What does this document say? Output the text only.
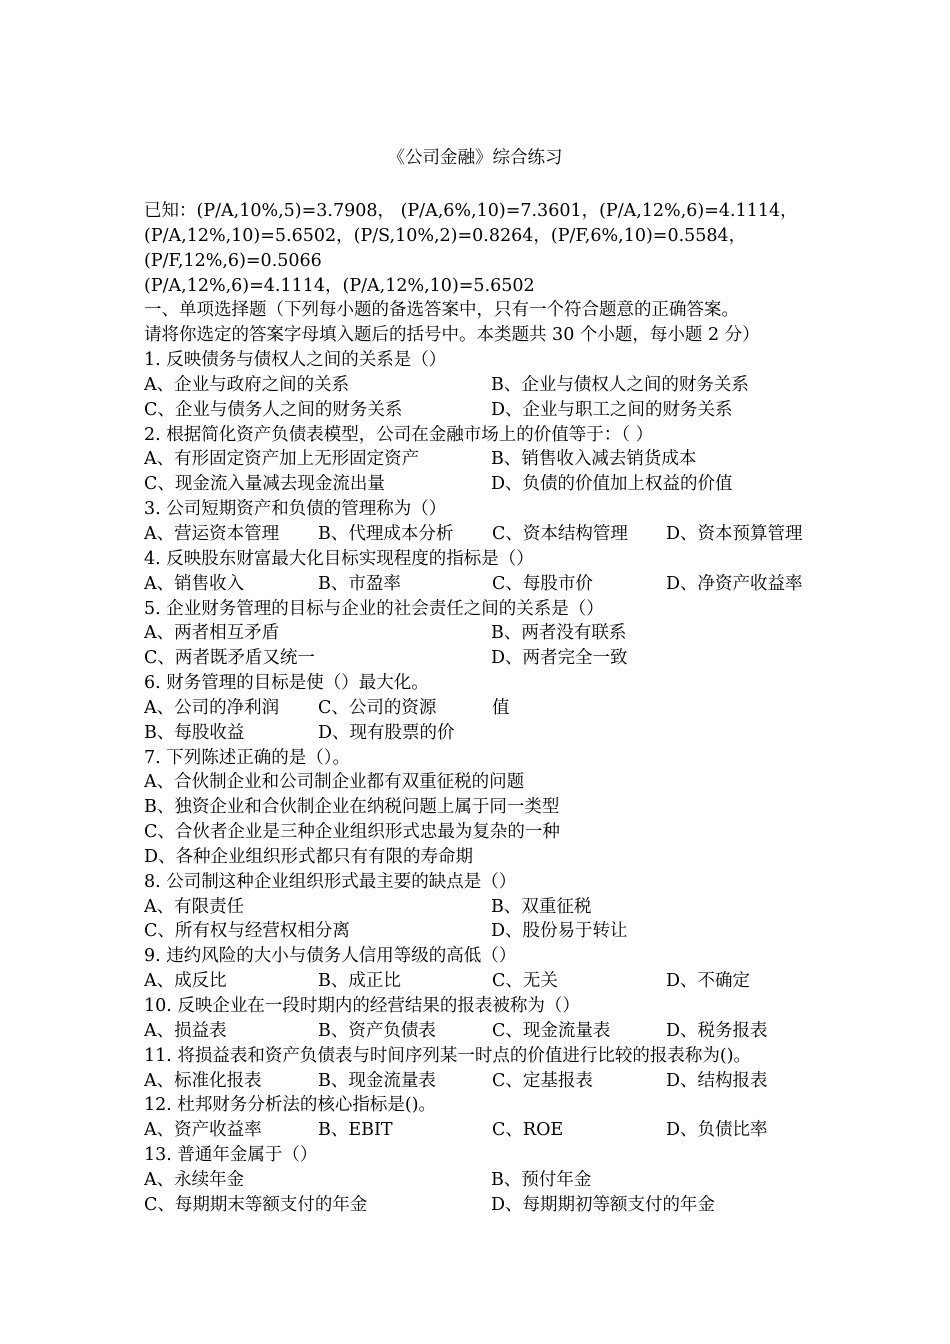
《公司金融》综合练习
已知：(P/A,10%,5)=3.7908， (P/A,6%,10)=7.3601，(P/A,12%,6)=4.1114，
(P/A,12%,10)=5.6502，(P/S,10%,2)=0.8264，(P/F,6%,10)=0.5584，
(P/F,12%,6)=0.5066
(P/A,12%,6)=4.1114，(P/A,12%,10)=5.6502
一、单项选择题（下列每小题的备选答案中，只有一个符合题意的正确答案。
请将你选定的答案字母填入题后的括号中。本类题共 30 个小题，每小题 2 分）
1. 反映债务与债权人之间的关系是（）
A、企业与政府之间的关系	B、企业与债权人之间的财务关系
C、企业与债务人之间的财务关系	D、企业与职工之间的财务关系
2. 根据简化资产负债表模型，公司在金融市场上的价值等于：（ ）
A、有形固定资产加上无形固定资产	B、销售收入减去销货成本
C、现金流入量减去现金流出量	D、负债的价值加上权益的价值
3. 公司短期资产和负债的管理称为（）
A、营运资本管理 B、代理成本分析 C、资本结构管理 D、资本预算管理
4. 反映股东财富最大化目标实现程度的指标是（）
A、销售收入	B、市盈率	C、每股市价	D、净资产收益率
5. 企业财务管理的目标与企业的社会责任之间的关系是（）
A、两者相互矛盾	B、两者没有联系
C、两者既矛盾又统一	D、两者完全一致
6. 财务管理的目标是使（）最大化。
A、公司的净利润 C、公司的资源	值
B、每股收益	D、现有股票的价
7. 下列陈述正确的是（）。
A、合伙制企业和公司制企业都有双重征税的问题
B、独资企业和合伙制企业在纳税问题上属于同一类型
C、合伙者企业是三种企业组织形式忠最为复杂的一种
D、各种企业组织形式都只有有限的寿命期
8. 公司制这种企业组织形式最主要的缺点是（）
A、有限责任	B、双重征税
C、所有权与经营权相分离	D、股份易于转让
9. 违约风险的大小与债务人信用等级的高低（）
A、成反比	B、成正比	C、无关	D、不确定
10. 反映企业在一段时期内的经营结果的报表被称为（）
A、损益表	B、资产负债表	C、现金流量表	D、税务报表
11. 将损益表和资产负债表与时间序列某一时点的价值进行比较的报表称为()。
A、标准化报表	B、现金流量表	C、定基报表	D、结构报表
12. 杜邦财务分析法的核心指标是()。
A、资产收益率	B、EBIT	C、ROE	D、负债比率
13. 普通年金属于（）
A、永续年金	B、预付年金
C、每期期末等额支付的年金	D、每期期初等额支付的年金
